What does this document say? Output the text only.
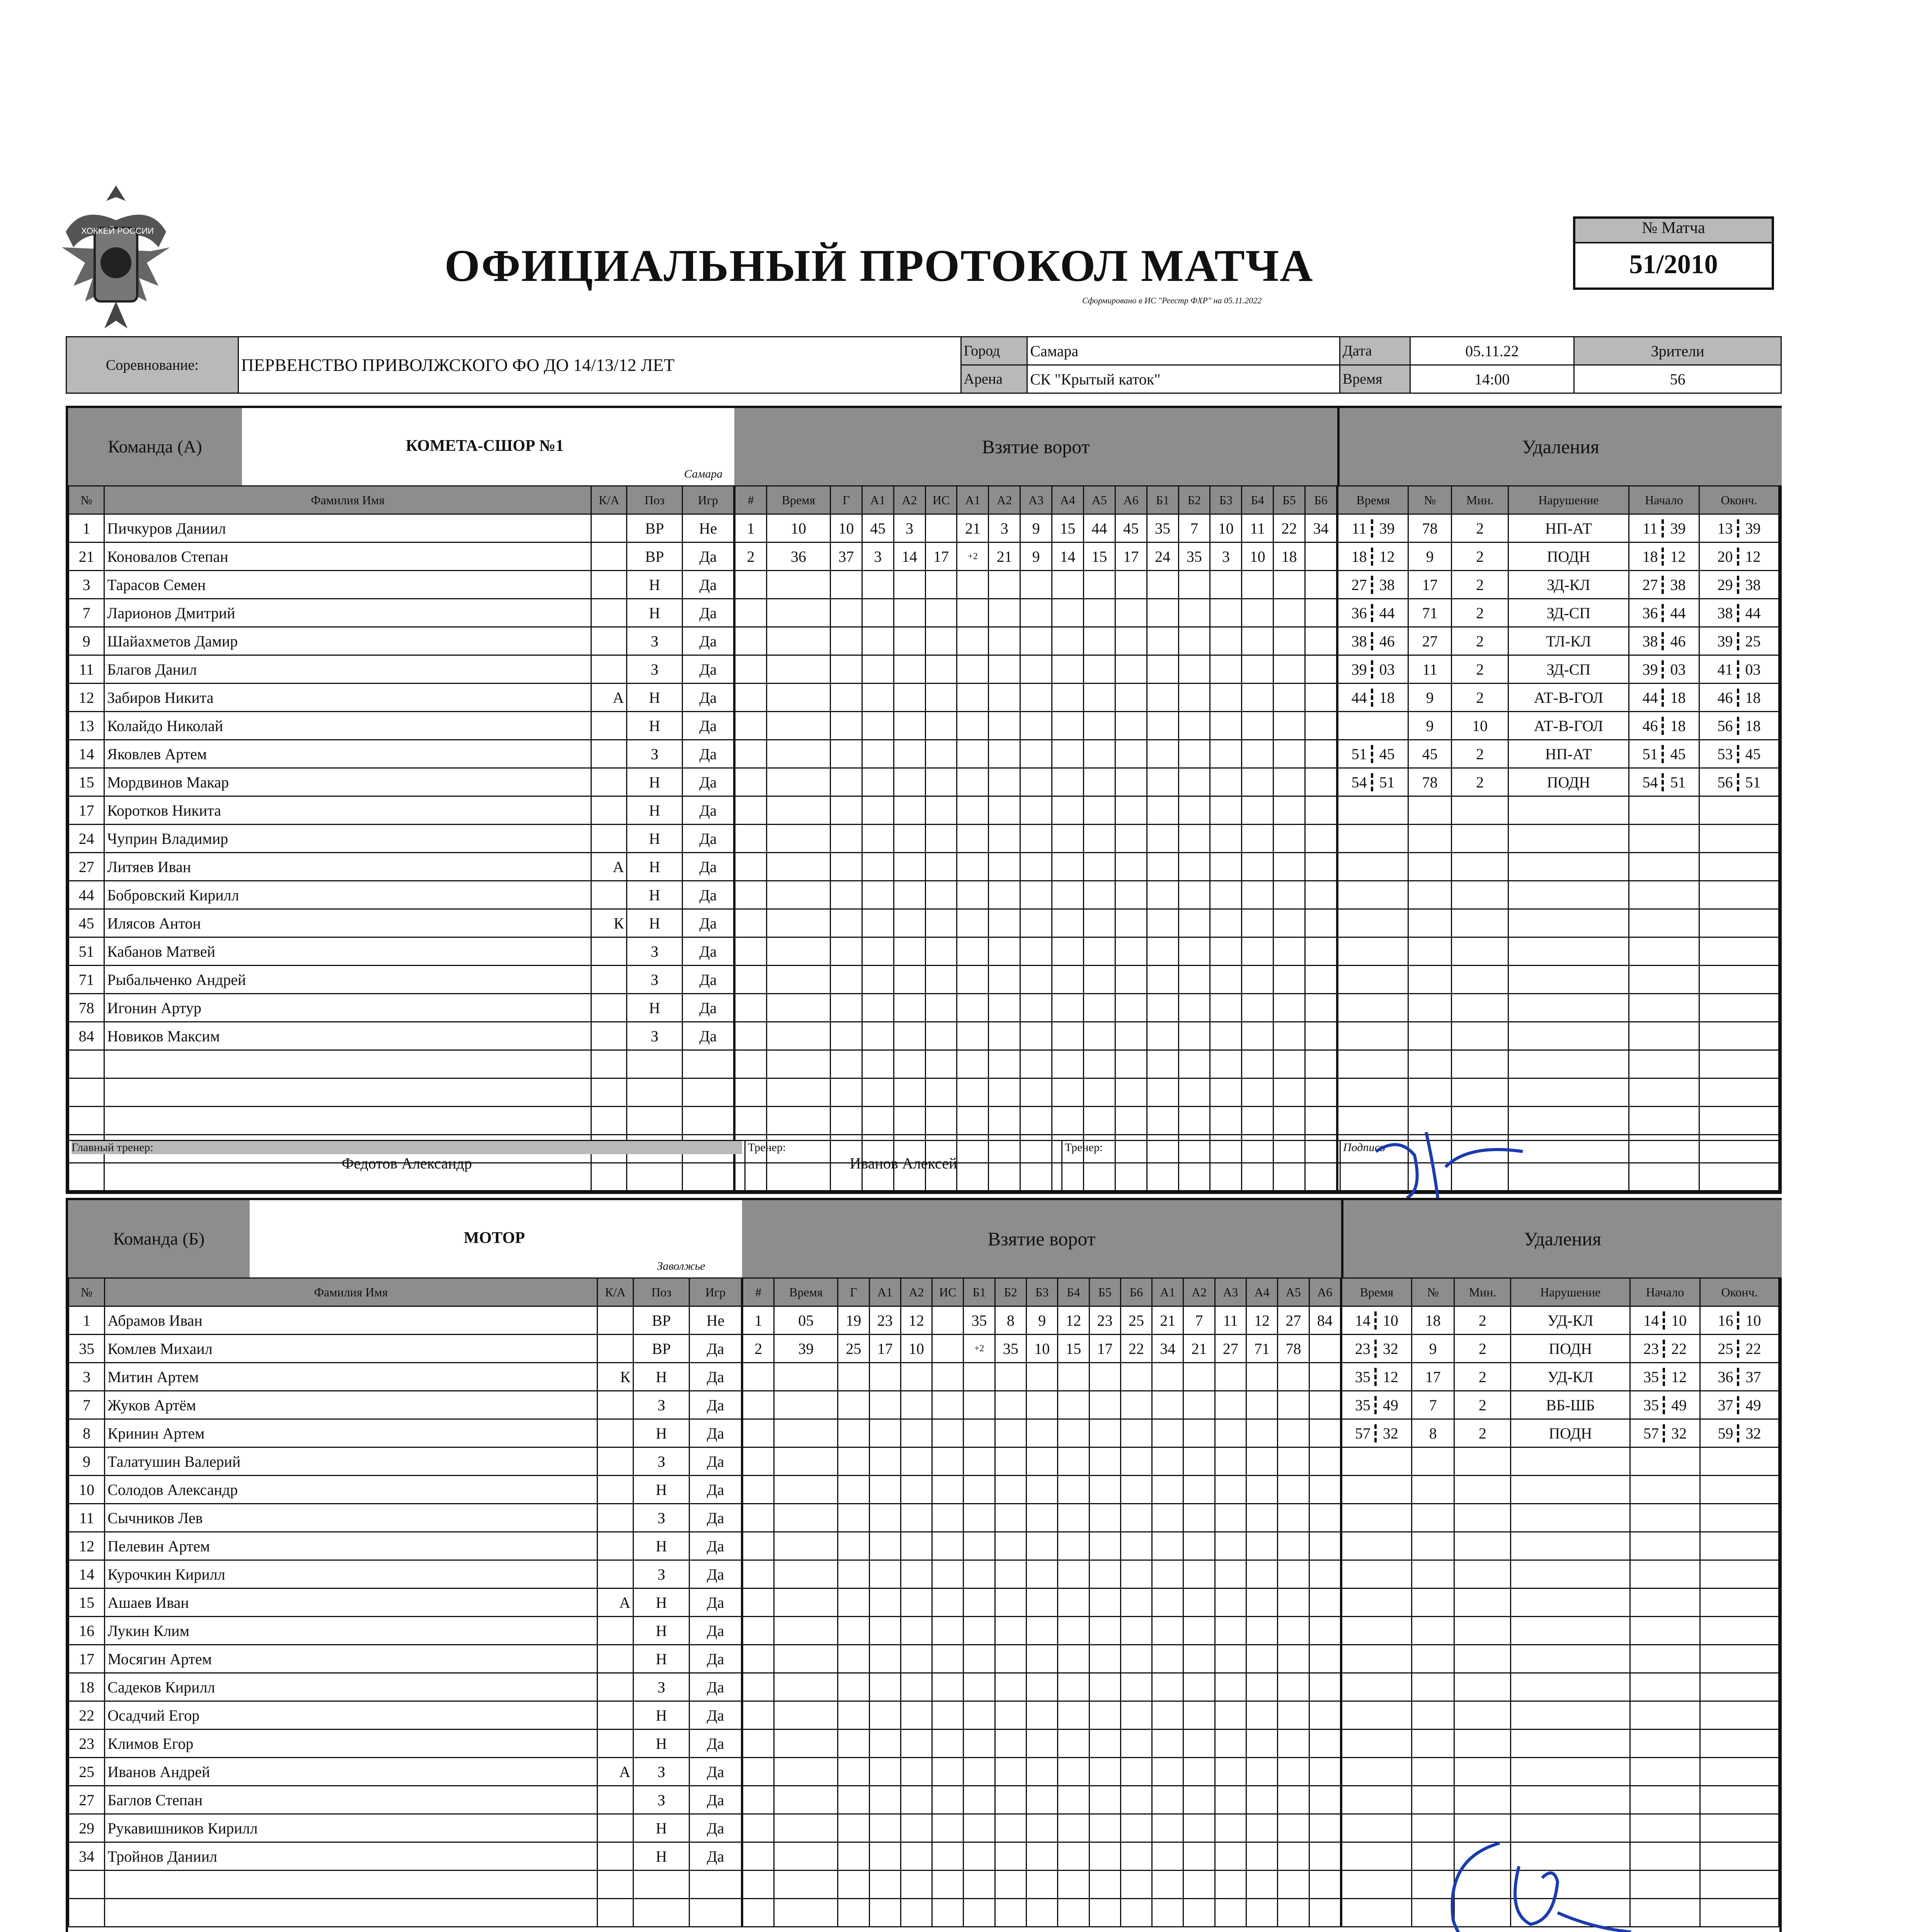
ХОККЕЙ РОССИИ
ОФИЦИАЛЬНЫЙ ПРОТОКОЛ МАТЧА
Сформировано в ИС "Реестр ФХР" на 05.11.2022
№ Матча
51/2010
Соревнование:	ПЕРВЕНСТВО ПРИВОЛЖСКОГО ФО ДО 14/13/12 ЛЕТ	Город	Самара	Дата	05.11.22	Зрители
		Арена	СК "Крытый каток"	Время	14:00	56
Команда (А)	КОМЕТА-СШОР №1
Самара
Взятие ворот	Удаления
№	Фамилия Имя	К/А	Поз	Игр
1	Пичкуров Даниил		ВР	Не
21	Коновалов Степан		ВР	Да
3	Тарасов Семен		Н	Да
7	Ларионов Дмитрий		Н	Да
9	Шайахметов Дамир		З	Да
11	Благов Данил		З	Да
12	Забиров Никита	А	Н	Да
13	Колайдо Николай		Н	Да
14	Яковлев Артем		З	Да
15	Мордвинов Макар		Н	Да
17	Коротков Никита		Н	Да
24	Чуприн Владимир		Н	Да
27	Литяев Иван	А	Н	Да
44	Бобровский Кирилл		Н	Да
45	Илясов Антон	К	Н	Да
51	Кабанов Матвей		З	Да
71	Рыбальченко Андрей		З	Да
78	Игонин Артур		Н	Да
84	Новиков Максим		З	Да

#	Время	Г	А1	А2	ИС	А1	А2	А3	А4	А5	А6	Б1	Б2	Б3	Б4	Б5	Б6
1	10	10	45	3		21	3	9	15	44	45	35	7	10	11	22	34
2	36	37	3	14	17	+2	21	9	14	15	17	24	35	3	10	18	

Время	№	Мин.	Нарушение	Начало	Оконч.
11 39	78	2	НП-АТ	11 39	13 39
18 12	9	2	ПОДН	18 12	20 12
27 38	17	2	ЗД-КЛ	27 38	29 38
36 44	71	2	ЗД-СП	36 44	38 44
38 46	27	2	ТЛ-КЛ	38 46	39 25
39 03	11	2	ЗД-СП	39 03	41 03
44 18	9	2	АТ-В-ГОЛ	44 18	46 18
	9	10	АТ-В-ГОЛ	46 18	56 18
51 45	45	2	НП-АТ	51 45	53 45
54 51	78	2	ПОДН	54 51	56 51

Главный тренер:
Федотов Александр

Тренер:
Иванов Алексей

Тренер:	Подпись
Команда (Б)	МОТОР
Заволжье
Взятие ворот	Удаления
№	Фамилия Имя	К/А	Поз	Игр
1	Абрамов Иван		ВР	Не
35	Комлев Михаил		ВР	Да
3	Митин Артем	К	Н	Да
7	Жуков Артём		З	Да
8	Кринин Артем		Н	Да
9	Талатушин Валерий		З	Да
10	Солодов Александр		Н	Да
11	Сычников Лев		З	Да
12	Пелевин Артем		Н	Да
14	Курочкин Кирилл		З	Да
15	Ашаев Иван	А	Н	Да
16	Лукин Клим		Н	Да
17	Мосягин Артем		Н	Да
18	Садеков Кирилл		З	Да
22	Осадчий Егор		Н	Да
23	Климов Егор		Н	Да
25	Иванов Андрей	А	З	Да
27	Баглов Степан		З	Да
29	Рукавишников Кирилл		Н	Да
34	Тройнов Даниил		Н	Да

#	Время	Г	А1	А2	ИС	Б1	Б2	Б3	Б4	Б5	Б6	А1	А2	А3	А4	А5	А6
1	05	19	23	12		35	8	9	12	23	25	21	7	11	12	27	84
2	39	25	17	10		+2	35	10	15	17	22	34	21	27	71	78	

Время	№	Мин.	Нарушение	Начало	Оконч.
14 10	18	2	УД-КЛ	14 10	16 10
23 32	9	2	ПОДН	23 22	25 22
35 12	17	2	УД-КЛ	35 12	36 37
35 49	7	2	ВБ-ШБ	35 49	37 49
57 32	8	2	ПОДН	57 32	59 32
